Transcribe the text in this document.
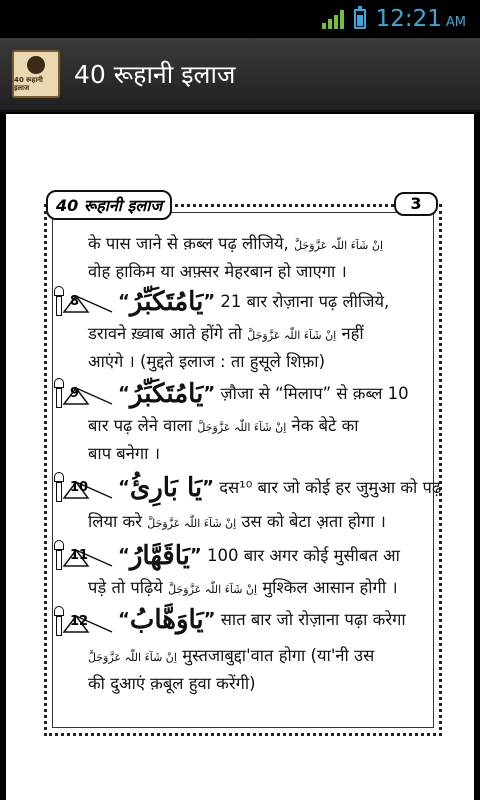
12:21 AM
40 रूहानी इलाज	40 रूहानी इलाज
40 रूहानी इलाज	3
के पास जाने से क़ब्ल पढ़ लीजिये, اِنْ شَآءَ اللّٰہ عَزَّوَجَلَّ
वोह हाकिम या अफ़्सर मेहरबान हो जाएगा ।
8 “یَامُتَکَبِّرُ” 21 बार रोज़ाना पढ़ लीजिये,
डरावने ख़्वाब आते होंगे तो اِنْ شَآءَ اللّٰہ عَزَّوَجَلَّ नहीं
आएंगे । (मुद्दते इलाज : ता हुसूले शिफ़ा)
9 “یَامُتَکَبِّرُ” ज़ौजा से “मिलाप” से क़ब्ल 10
बार पढ़ लेने वाला اِنْ شَآءَ اللّٰہ عَزَّوَجَلَّ नेक बेटे का
बाप बनेगा ।
10 “یَا بَارِئُ” दस¹⁰ बार जो कोई हर जुमुआ को पढ़
लिया करे اِنْ شَآءَ اللّٰہ عَزَّوَجَلَّ उस को बेटा अ़ता होगा ।
11 “یَاقَھَّارُ” 100 बार अगर कोई मुसीबत आ
पड़े तो पढ़िये اِنْ شَآءَ اللّٰہ عَزَّوَجَلَّ मुश्किल आसान होगी ।
12 “یَاوَھَّابُ” सात बार जो रोज़ाना पढ़ा करेगा
اِنْ شَآءَ اللّٰہ عَزَّوَجَلَّ मुस्तजाबुद्दा'वात होगा (या'नी उस
की दुआएं क़बूल हुवा करेंगी)
